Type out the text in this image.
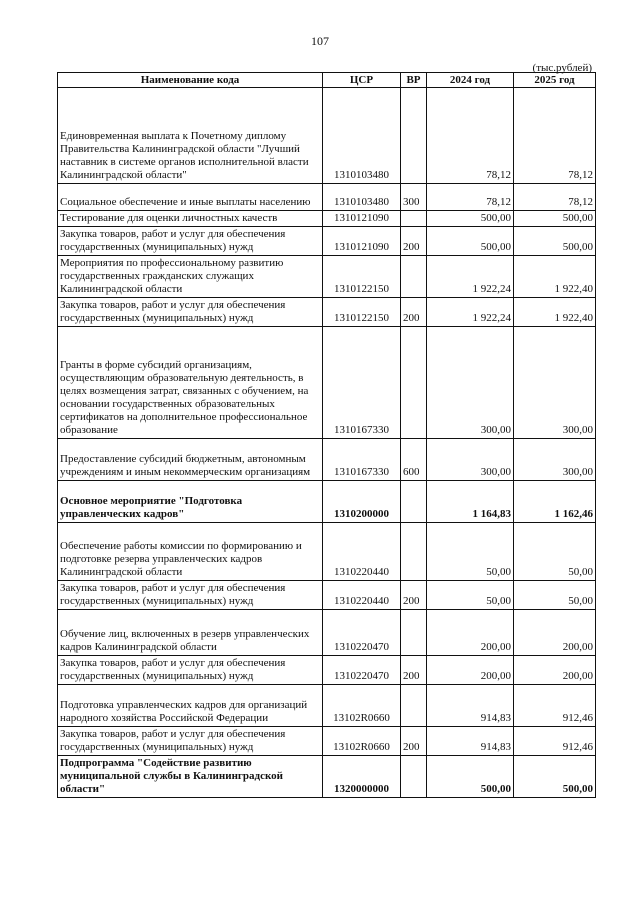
107
(тыс.рублей)
Наименование кода	ЦСР	ВР	2024 год	2025 год
Единовременная выплата к Почетному диплому Правительства Калининградской области "Лучший наставник в системе органов исполнительной власти Калининградской области"	1310103480		78,12	78,12
Социальное обеспечение и иные выплаты населению	1310103480	300	78,12	78,12
Тестирование для оценки личностных качеств	1310121090		500,00	500,00
Закупка товаров, работ и услуг для обеспечения государственных (муниципальных) нужд	1310121090	200	500,00	500,00
Мероприятия по профессиональному развитию государственных гражданских служащих Калининградской области	1310122150		1 922,24	1 922,40
Закупка товаров, работ и услуг для обеспечения государственных (муниципальных) нужд	1310122150	200	1 922,24	1 922,40
Гранты в форме субсидий организациям, осуществляющим образовательную деятельность, в целях возмещения затрат, связанных с обучением, на основании государственных образовательных сертификатов на дополнительное профессиональное образование	1310167330		300,00	300,00
Предоставление субсидий бюджетным, автономным учреждениям и иным некоммерческим организациям	1310167330	600	300,00	300,00
Основное мероприятие "Подготовка управленческих кадров"	1310200000		1 164,83	1 162,46
Обеспечение работы комиссии по формированию и подготовке резерва управленческих кадров Калининградской области	1310220440		50,00	50,00
Закупка товаров, работ и услуг для обеспечения государственных (муниципальных) нужд	1310220440	200	50,00	50,00
Обучение лиц, включенных в резерв управленческих кадров Калининградской области	1310220470		200,00	200,00
Закупка товаров, работ и услуг для обеспечения государственных (муниципальных) нужд	1310220470	200	200,00	200,00
Подготовка управленческих кадров для организаций народного хозяйства Российской Федерации	13102R0660		914,83	912,46
Закупка товаров, работ и услуг для обеспечения государственных (муниципальных) нужд	13102R0660	200	914,83	912,46
Подпрограмма "Содействие развитию муниципальной службы в Калининградской области"	1320000000		500,00	500,00
